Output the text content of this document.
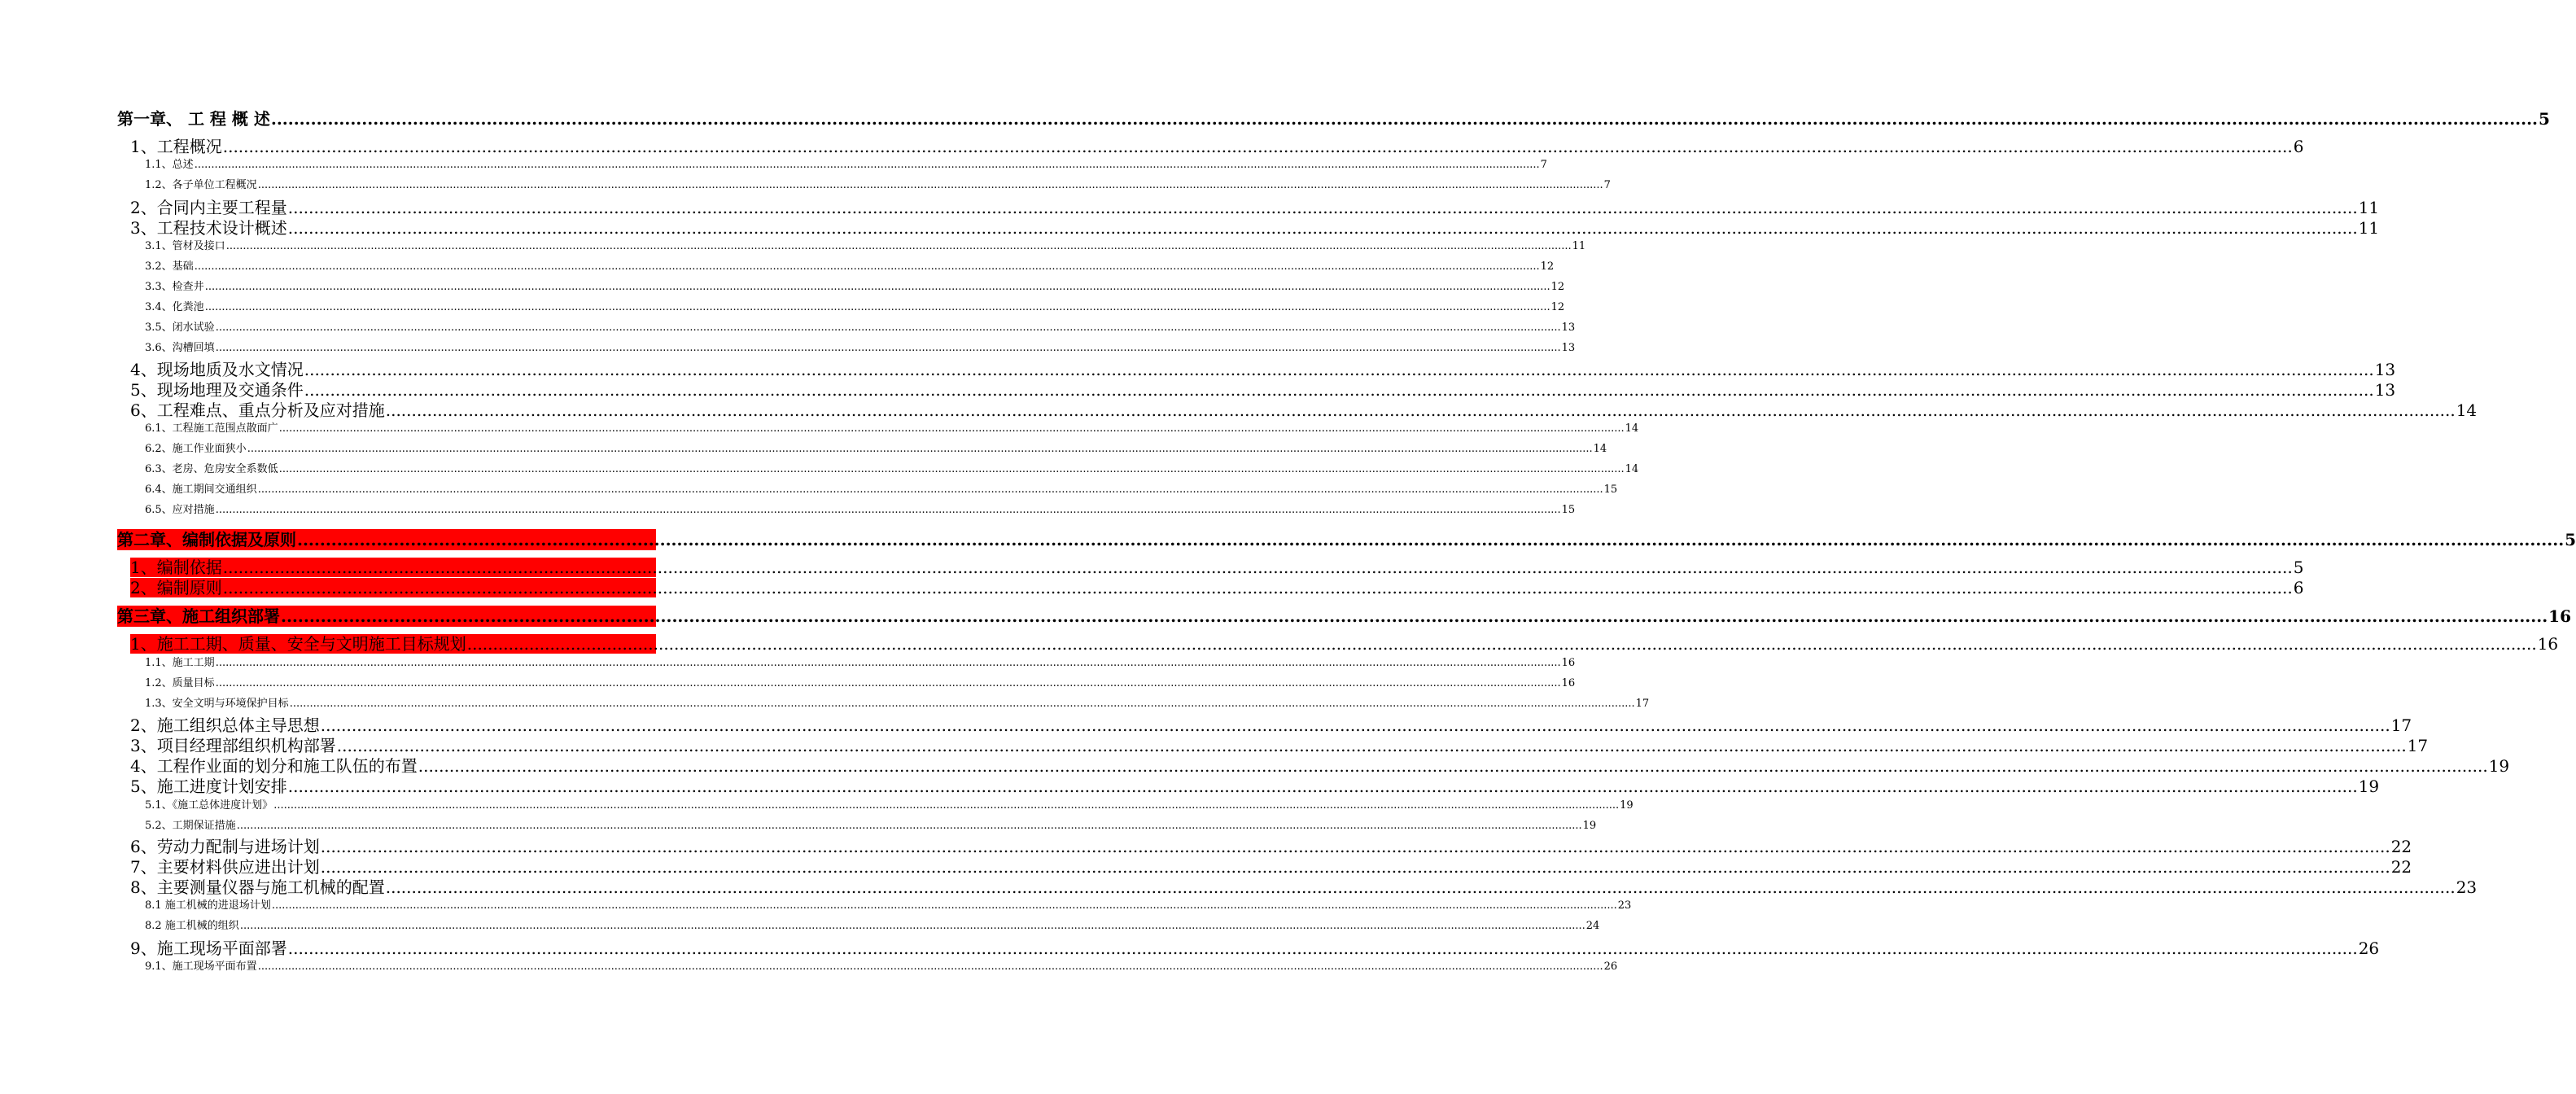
第一章、 工 程 概 述 ................................................................................................................................................................................................................................................................................................................................................................................................................ 5
1、工程概况 ................................................................................................................................................................................................................................................................................................................................................................................................................ 6
1.1、总述 ................................................................................................................................................................................................................................................................................................................................................................................................................ 7
1.2、各子单位工程概况 ................................................................................................................................................................................................................................................................................................................................................................................................................ 7
2、合同内主要工程量 ................................................................................................................................................................................................................................................................................................................................................................................................................ 11
3、工程技术设计概述 ................................................................................................................................................................................................................................................................................................................................................................................................................ 11
3.1、管材及接口 ................................................................................................................................................................................................................................................................................................................................................................................................................ 11
3.2、基础 ................................................................................................................................................................................................................................................................................................................................................................................................................ 12
3.3、检查井 ................................................................................................................................................................................................................................................................................................................................................................................................................ 12
3.4、化粪池 ................................................................................................................................................................................................................................................................................................................................................................................................................ 12
3.5、闭水试验 ................................................................................................................................................................................................................................................................................................................................................................................................................ 13
3.6、沟槽回填 ................................................................................................................................................................................................................................................................................................................................................................................................................ 13
4、现场地质及水文情况 ................................................................................................................................................................................................................................................................................................................................................................................................................ 13
5、现场地理及交通条件 ................................................................................................................................................................................................................................................................................................................................................................................................................ 13
6、工程难点、重点分析及应对措施 ................................................................................................................................................................................................................................................................................................................................................................................................................ 14
6.1、工程施工范围点散面广 ................................................................................................................................................................................................................................................................................................................................................................................................................ 14
6.2、施工作业面狭小 ................................................................................................................................................................................................................................................................................................................................................................................................................ 14
6.3、老房、危房安全系数低 ................................................................................................................................................................................................................................................................................................................................................................................................................ 14
6.4、施工期间交通组织 ................................................................................................................................................................................................................................................................................................................................................................................................................ 15
6.5、应对措施 ................................................................................................................................................................................................................................................................................................................................................................................................................ 15
第二章、编制依据及原则 ................................................................................................................................................................................................................................................................................................................................................................................................................ 5
1、编制依据 ................................................................................................................................................................................................................................................................................................................................................................................................................ 5
2、编制原则 ................................................................................................................................................................................................................................................................................................................................................................................................................ 6
第三章、施工组织部署 ................................................................................................................................................................................................................................................................................................................................................................................................................ 16
1、施工工期、质量、安全与文明施工目标规划 ................................................................................................................................................................................................................................................................................................................................................................................................................ 16
1.1、施工工期 ................................................................................................................................................................................................................................................................................................................................................................................................................ 16
1.2、质量目标 ................................................................................................................................................................................................................................................................................................................................................................................................................ 16
1.3、安全文明与环境保护目标 ................................................................................................................................................................................................................................................................................................................................................................................................................ 17
2、施工组织总体主导思想 ................................................................................................................................................................................................................................................................................................................................................................................................................ 17
3、项目经理部组织机构部署 ................................................................................................................................................................................................................................................................................................................................................................................................................ 17
4、工程作业面的划分和施工队伍的布置 ................................................................................................................................................................................................................................................................................................................................................................................................................ 19
5、施工进度计划安排 ................................................................................................................................................................................................................................................................................................................................................................................................................ 19
5.1、《施工总体进度计划》 ................................................................................................................................................................................................................................................................................................................................................................................................................ 19
5.2、工期保证措施 ................................................................................................................................................................................................................................................................................................................................................................................................................ 19
6、劳动力配制与进场计划 ................................................................................................................................................................................................................................................................................................................................................................................................................ 22
7、主要材料供应进出计划 ................................................................................................................................................................................................................................................................................................................................................................................................................ 22
8、主要测量仪器与施工机械的配置 ................................................................................................................................................................................................................................................................................................................................................................................................................ 23
8.1 施工机械的进退场计划 ................................................................................................................................................................................................................................................................................................................................................................................................................ 23
8.2 施工机械的组织 ................................................................................................................................................................................................................................................................................................................................................................................................................ 24
9、施工现场平面部署 ................................................................................................................................................................................................................................................................................................................................................................................................................ 26
9.1、施工现场平面布置 ................................................................................................................................................................................................................................................................................................................................................................................................................ 26
